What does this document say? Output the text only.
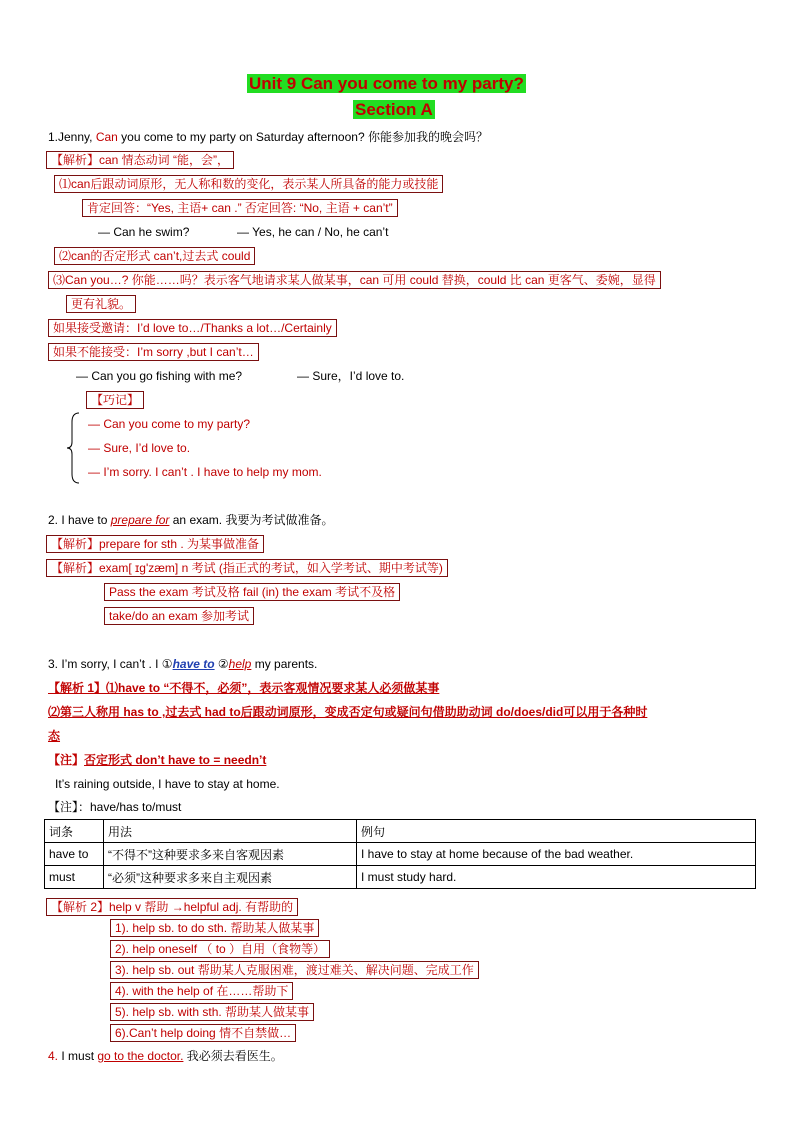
Unit 9 Can you come to my party?
Section A
1.Jenny, Can you come to my party on Saturday afternoon? 你能参加我的晚会吗？
【解析】can 情态动词 “能，会”，
⑴can后跟动词原形，无人称和数的变化，表示某人所具备的能力或技能
肯定回答：“Yes, 主语+ can .” 否定回答: “No, 主语 + can’t”
— Can he swim?	— Yes, he can / No, he can’t
⑵can的否定形式 can’t,过去式 could
⑶Can you…? 你能……吗？表示客气地请求某人做某事，can 可用 could 替换，could 比 can 更客气、委婉，显得
更有礼貌。
如果接受邀请：I’d love to…/Thanks a lot…/Certainly
如果不能接受：I’m sorry ,but I can’t…
— Can you go fishing with me?	— Sure，I’d love to.
【巧记】
— Can you come to my party?
— Sure, I’d love to.
— I’m sorry. I can’t . I have to help my mom.
2. I have to prepare for an exam. 我要为考试做准备。
【解析】prepare for sth . 为某事做准备
【解析】exam[ ɪɡ'zæm] n 考试 (指正式的考试，如入学考试、期中考试等)
Pass the exam 考试及格 fail (in) the exam 考试不及格
take/do an exam 参加考试
3. I’m sorry, I can’t . I ①have to ②help my parents.
【解析 1】⑴have to “不得不，必须”，表示客观情况要求某人必须做某事
⑵第三人称用 has to ,过去式 had to后跟动词原形，变成否定句或疑问句借助助动词 do/does/did可以用于各种时
态
【注】否定形式 don’t have to = needn’t
It’s raining outside, I have to stay at home.
【注】：have/has to/must
词条	用法	例句
have to	“不得不”这种要求多来自客观因素	I have to stay at home because of the bad weather.
must	“必须”这种要求多来自主观因素	I must study hard.
【解析 2】help v 帮助 →helpful adj. 有帮助的
1). help sb. to do sth. 帮助某人做某事
2). help oneself （ to ）自用（食物等）
3). help sb. out 帮助某人克服困难，渡过难关、解决问题、完成工作
4). with the help of 在……帮助下
5). help sb. with sth. 帮助某人做某事
6).Can’t help doing 情不自禁做…
4. I must go to the doctor. 我必须去看医生。
